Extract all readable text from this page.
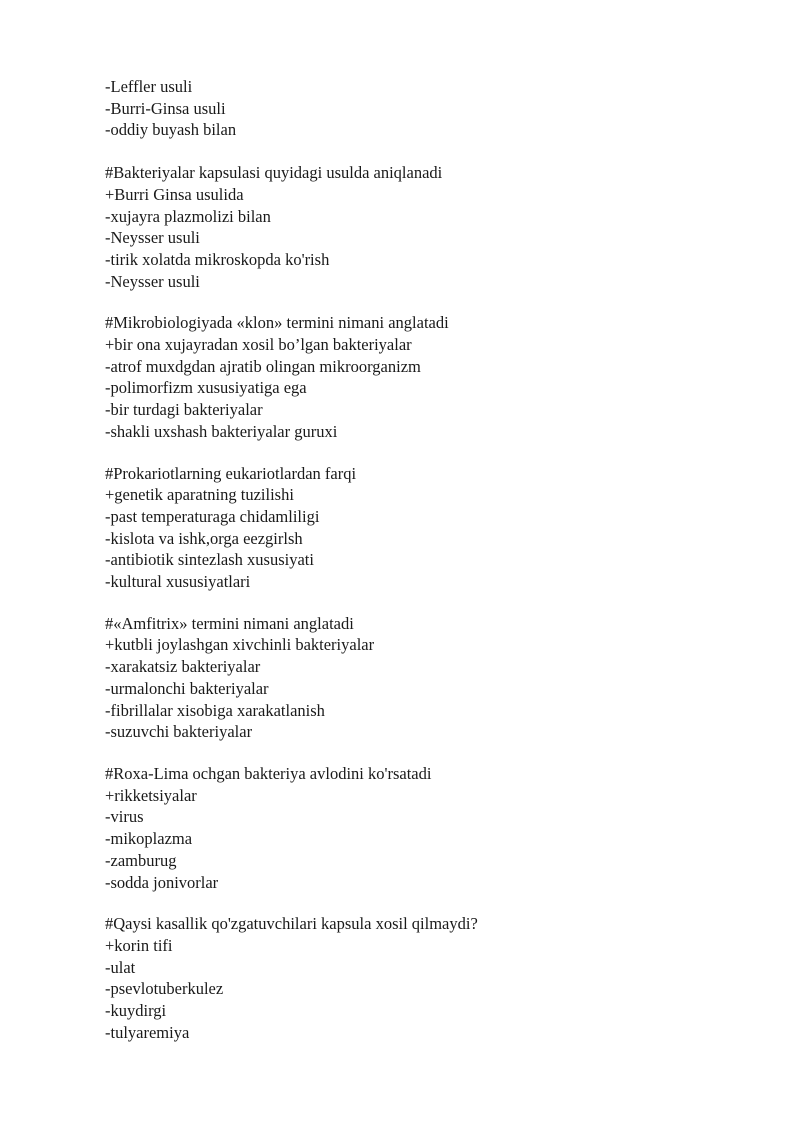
-Leffler usuli
-Burri-Ginsa usuli
-oddiy buyash bilan
#Bakteriyalar kapsulasi quyidagi usulda aniqlanadi
+Burri Ginsa usulida
-xujayra plazmolizi bilan
-Neysser usuli
-tirik xolatda mikroskopda ko'rish
-Neysser usuli
#Mikrobiologiyada «klon» termini nimani anglatadi
+bir ona xujayradan xosil bo’lgan bakteriyalar
-atrof muxdgdan ajratib olingan mikroorganizm
-polimorfizm xususiyatiga ega
-bir turdagi bakteriyalar
-shakli uxshash bakteriyalar guruxi
#Prokariotlarning eukariotlardan farqi
+genetik aparatning tuzilishi
-past temperaturaga chidamliligi
-kislota va ishk,orga eezgirlsh
-antibiotik sintezlash xususiyati
-kultural xususiyatlari
#«Amfitrix» termini nimani anglatadi
+kutbli joylashgan xivchinli bakteriyalar
-xarakatsiz bakteriyalar
-urmalonchi bakteriyalar
-fibrillalar xisobiga xarakatlanish
-suzuvchi bakteriyalar
#Roxa-Lima ochgan bakteriya avlodini ko'rsatadi
+rikketsiyalar
-virus
-mikoplazma
-zamburug
-sodda jonivorlar
#Qaysi kasallik qo'zgatuvchilari kapsula xosil qilmaydi?
+korin tifi
-ulat
-psevlotuberkulez
-kuydirgi
-tulyaremiya
